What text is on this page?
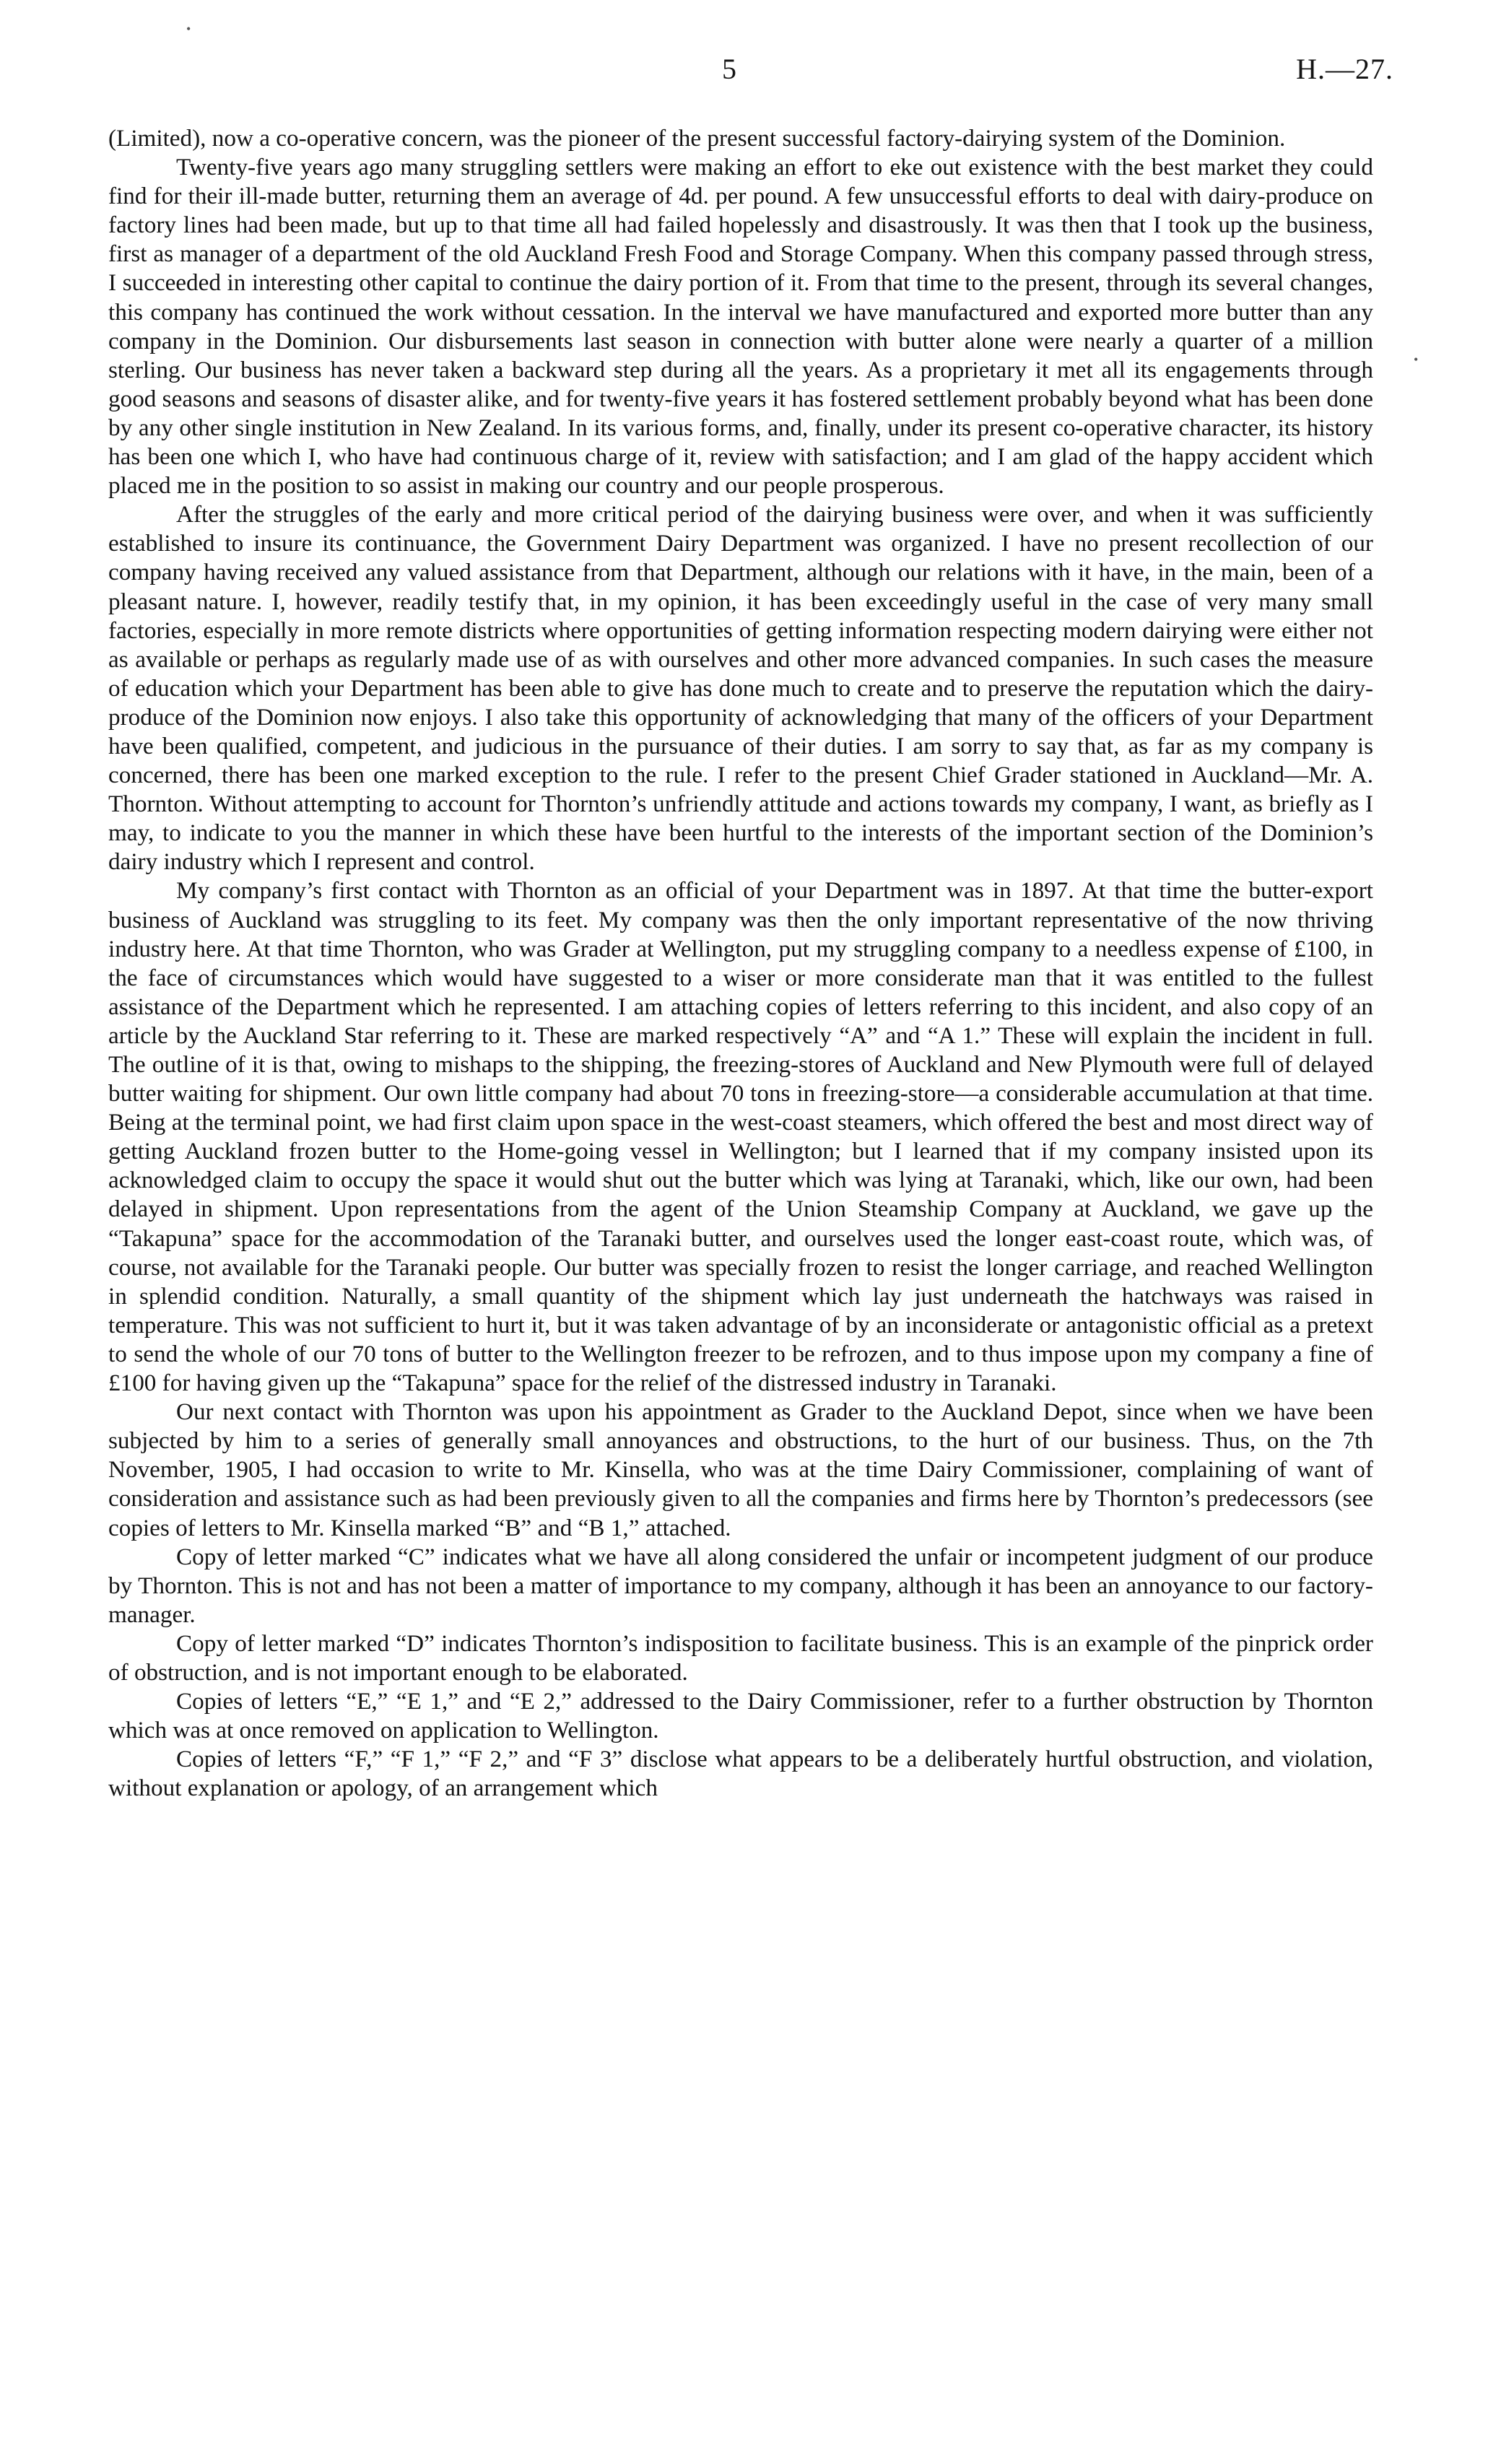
•
•
5	H.—27.

(Limited), now a co-operative concern, was the pioneer of the present successful factory-dairying system of the Dominion.

Twenty-five years ago many struggling settlers were making an effort to eke out existence with the best market they could find for their ill-made butter, returning them an average of 4d. per pound. A few unsuccessful efforts to deal with dairy-produce on factory lines had been made, but up to that time all had failed hopelessly and disastrously. It was then that I took up the business, first as manager of a department of the old Auckland Fresh Food and Storage Company. When this company passed through stress, I succeeded in interesting other capital to continue the dairy portion of it. From that time to the present, through its several changes, this company has continued the work without cessation. In the interval we have manufactured and exported more butter than any company in the Dominion. Our disbursements last season in connection with butter alone were nearly a quarter of a million sterling. Our business has never taken a backward step during all the years. As a proprietary it met all its engagements through good seasons and seasons of disaster alike, and for twenty-five years it has fostered settlement probably beyond what has been done by any other single institution in New Zealand. In its various forms, and, finally, under its present co-operative character, its history has been one which I, who have had continuous charge of it, review with satisfaction; and I am glad of the happy accident which placed me in the position to so assist in making our country and our people prosperous.

After the struggles of the early and more critical period of the dairying business were over, and when it was sufficiently established to insure its continuance, the Government Dairy Department was organized. I have no present recollection of our company having received any valued assistance from that Department, although our relations with it have, in the main, been of a pleasant nature. I, however, readily testify that, in my opinion, it has been exceedingly useful in the case of very many small factories, especially in more remote districts where opportunities of getting information respecting modern dairying were either not as available or perhaps as regularly made use of as with ourselves and other more advanced companies. In such cases the measure of education which your Department has been able to give has done much to create and to preserve the reputation which the dairy-produce of the Dominion now enjoys. I also take this opportunity of acknowledging that many of the officers of your Department have been qualified, competent, and judicious in the pursuance of their duties. I am sorry to say that, as far as my company is concerned, there has been one marked exception to the rule. I refer to the present Chief Grader stationed in Auckland—Mr. A. Thornton. Without attempting to account for Thornton’s unfriendly attitude and actions towards my company, I want, as briefly as I may, to indicate to you the manner in which these have been hurtful to the interests of the important section of the Dominion’s dairy industry which I represent and control.

My company’s first contact with Thornton as an official of your Department was in 1897. At that time the butter-export business of Auckland was struggling to its feet. My company was then the only important representative of the now thriving industry here. At that time Thornton, who was Grader at Wellington, put my struggling company to a needless expense of £100, in the face of circumstances which would have suggested to a wiser or more considerate man that it was entitled to the fullest assistance of the Department which he represented. I am attaching copies of letters referring to this incident, and also copy of an article by the Auckland Star referring to it. These are marked respectively “A” and “A 1.” These will explain the incident in full. The outline of it is that, owing to mishaps to the shipping, the freezing-stores of Auckland and New Plymouth were full of delayed butter waiting for shipment. Our own little company had about 70 tons in freezing-store—a considerable accumulation at that time. Being at the terminal point, we had first claim upon space in the west-coast steamers, which offered the best and most direct way of getting Auckland frozen butter to the Home-going vessel in Wellington; but I learned that if my company insisted upon its acknowledged claim to occupy the space it would shut out the butter which was lying at Taranaki, which, like our own, had been delayed in shipment. Upon representations from the agent of the Union Steamship Company at Auckland, we gave up the “Takapuna” space for the accommodation of the Taranaki butter, and ourselves used the longer east-coast route, which was, of course, not available for the Taranaki people. Our butter was specially frozen to resist the longer carriage, and reached Wellington in splendid condition. Naturally, a small quantity of the shipment which lay just underneath the hatchways was raised in temperature. This was not sufficient to hurt it, but it was taken advantage of by an inconsiderate or antagonistic official as a pretext to send the whole of our 70 tons of butter to the Wellington freezer to be refrozen, and to thus impose upon my company a fine of £100 for having given up the “Takapuna” space for the relief of the distressed industry in Taranaki.

Our next contact with Thornton was upon his appointment as Grader to the Auckland Depot, since when we have been subjected by him to a series of generally small annoyances and obstructions, to the hurt of our business. Thus, on the 7th November, 1905, I had occasion to write to Mr. Kinsella, who was at the time Dairy Commissioner, complaining of want of consideration and assistance such as had been previously given to all the companies and firms here by Thornton’s predecessors (see copies of letters to Mr. Kinsella marked “B” and “B 1,” attached.

Copy of letter marked “C” indicates what we have all along considered the unfair or incompetent judgment of our produce by Thornton. This is not and has not been a matter of importance to my company, although it has been an annoyance to our factory-manager.

Copy of letter marked “D” indicates Thornton’s indisposition to facilitate business. This is an example of the pinprick order of obstruction, and is not important enough to be elaborated.

Copies of letters “E,” “E 1,” and “E 2,” addressed to the Dairy Commissioner, refer to a further obstruction by Thornton which was at once removed on application to Wellington.

Copies of letters “F,” “F 1,” “F 2,” and “F 3” disclose what appears to be a deliberately hurtful obstruction, and violation, without explanation or apology, of an arrangement which
